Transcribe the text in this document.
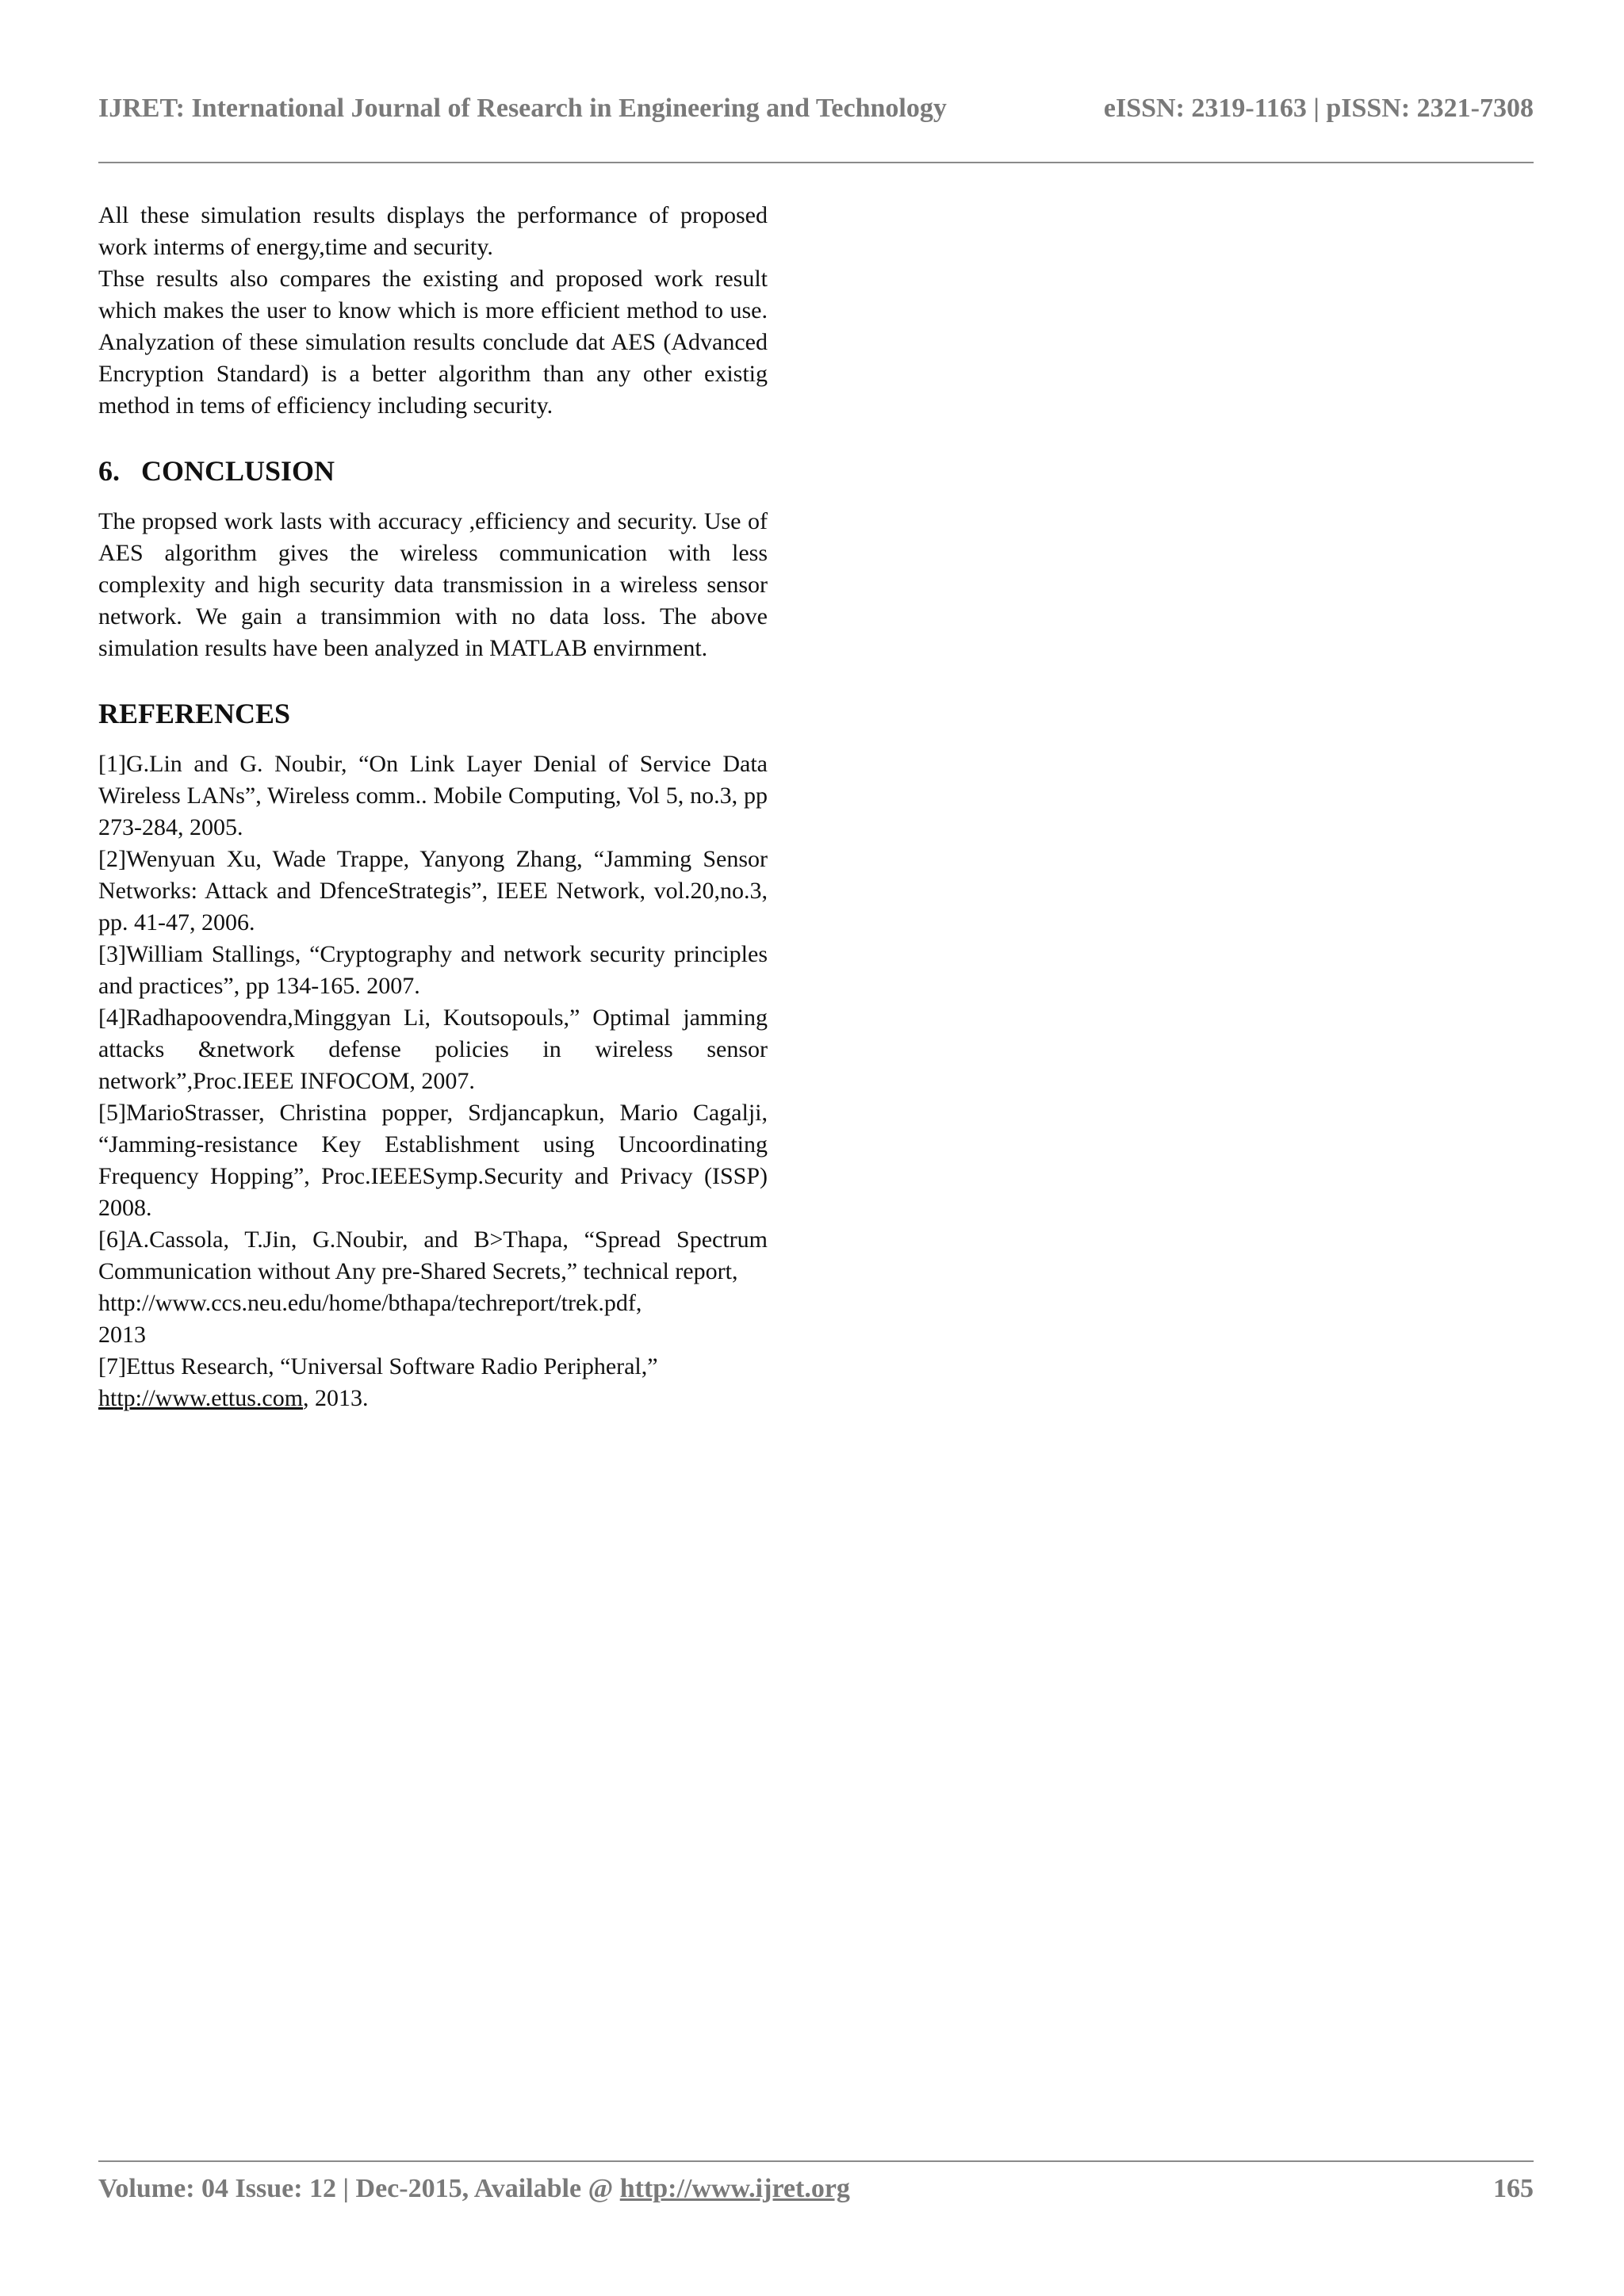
IJRET: International Journal of Research in Engineering and Technology	eISSN: 2319-1163 | pISSN: 2321-7308

All these simulation results displays the performance of proposed work interms of energy,time and security.

Thse results also compares the existing and proposed work result which makes the user to know which is more efficient method to use. Analyzation of these simulation results conclude dat AES (Advanced Encryption Standard) is a better algorithm than any other existig method in tems of efficiency including security.

6.   CONCLUSION

The propsed work lasts with accuracy ,efficiency and security. Use of AES algorithm gives the wireless communication with less complexity and high security data transmission in a wireless sensor network. We gain a transimmion with no data loss. The above simulation results have been analyzed in MATLAB envirnment.

REFERENCES

[1]G.Lin and G. Noubir, “On Link Layer Denial of Service Data Wireless LANs”, Wireless comm.. Mobile Computing, Vol 5, no.3, pp 273-284, 2005.

[2]Wenyuan Xu, Wade Trappe, Yanyong Zhang, “Jamming Sensor Networks: Attack and DfenceStrategis”, IEEE Network, vol.20,no.3, pp. 41-47, 2006.

[3]William Stallings, “Cryptography and network security principles and practices”, pp 134-165. 2007.

[4]Radhapoovendra,Minggyan Li, Koutsopouls,” Optimal jamming attacks &network defense policies in wireless sensor network”,Proc.IEEE INFOCOM, 2007.

[5]MarioStrasser, Christina popper, Srdjancapkun, Mario Cagalji, “Jamming-resistance Key Establishment using Uncoordinating Frequency Hopping”, Proc.IEEESymp.Security and Privacy (ISSP) 2008.

[6]A.Cassola, T.Jin, G.Noubir, and B>Thapa, “Spread Spectrum Communication without Any pre-Shared Secrets,” technical report,

http://www.ccs.neu.edu/home/bthapa/techreport/trek.pdf,

2013

[7]Ettus Research, “Universal Software Radio Peripheral,”

http://www.ettus.com, 2013.

Volume: 04 Issue: 12 | Dec-2015, Available @ http://www.ijret.org	165
